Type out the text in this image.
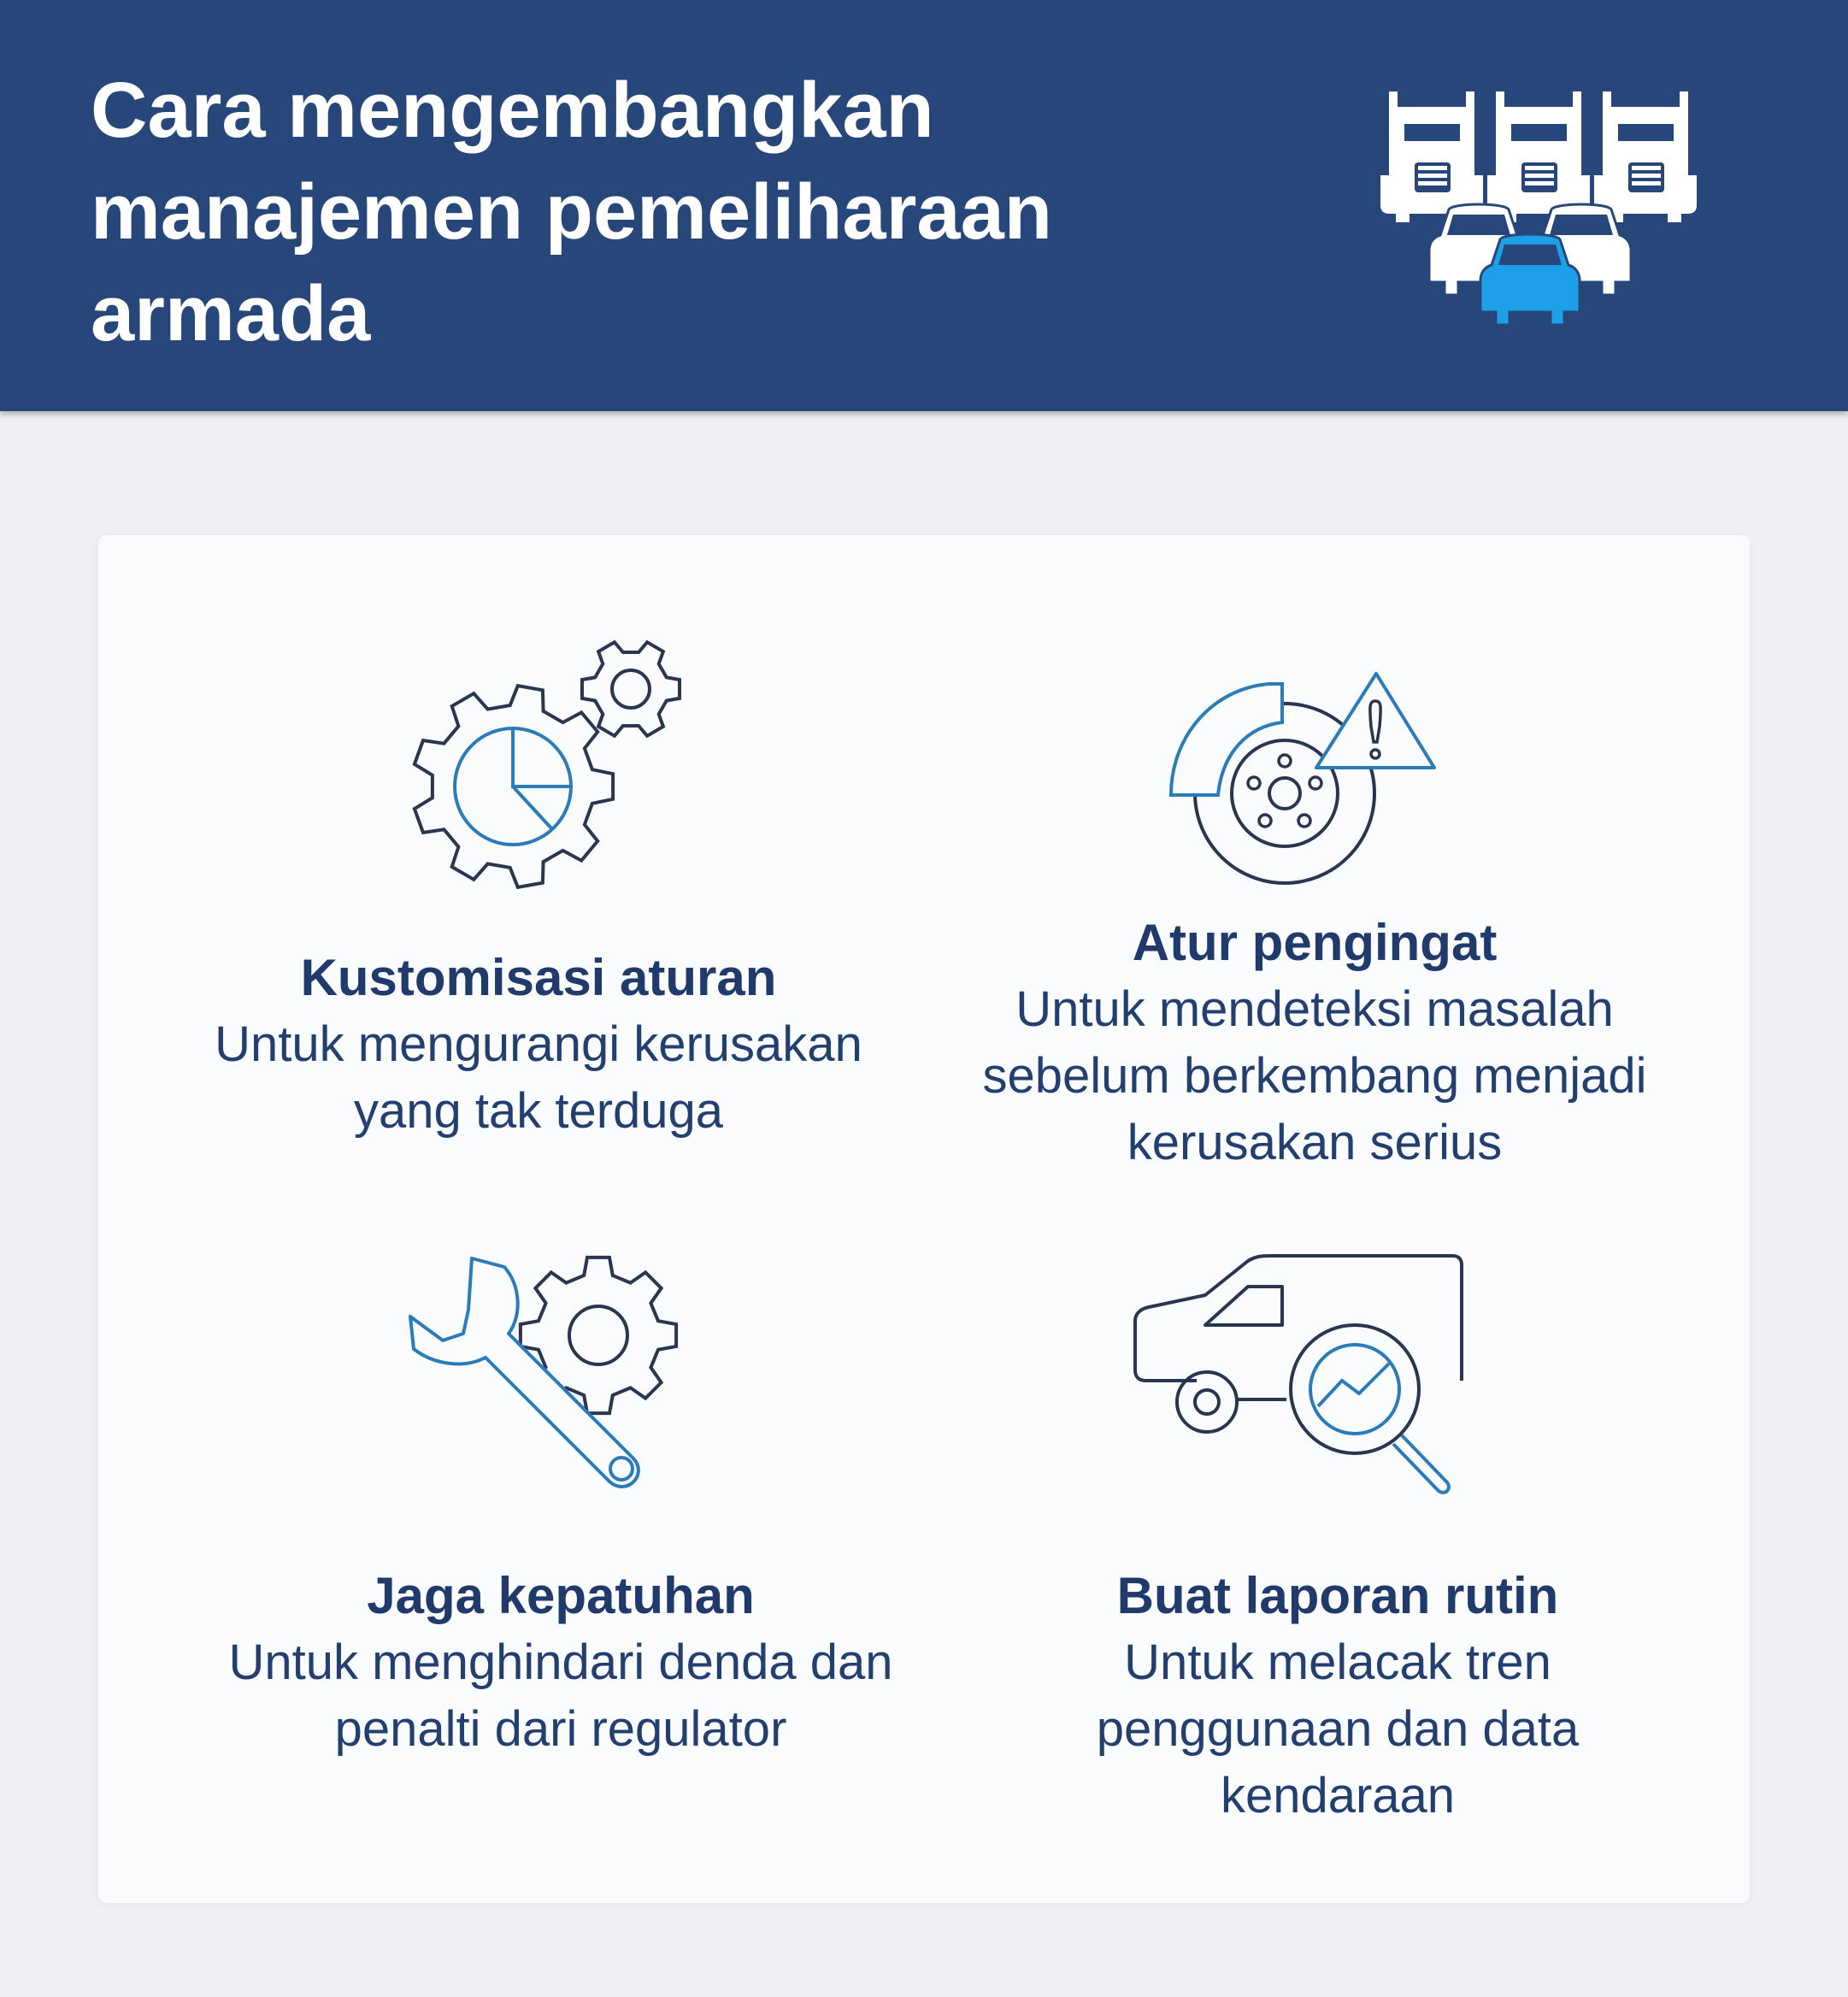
Cara mengembangkan manajemen pemeliharaan armada
Kustomisasi aturan
Untuk mengurangi kerusakan yang tak terduga
Atur pengingat
Untuk mendeteksi masalah sebelum berkembang menjadi kerusakan serius
Jaga kepatuhan
Untuk menghindari denda dan penalti dari regulator
Buat laporan rutin
Untuk melacak tren penggunaan dan data kendaraan
